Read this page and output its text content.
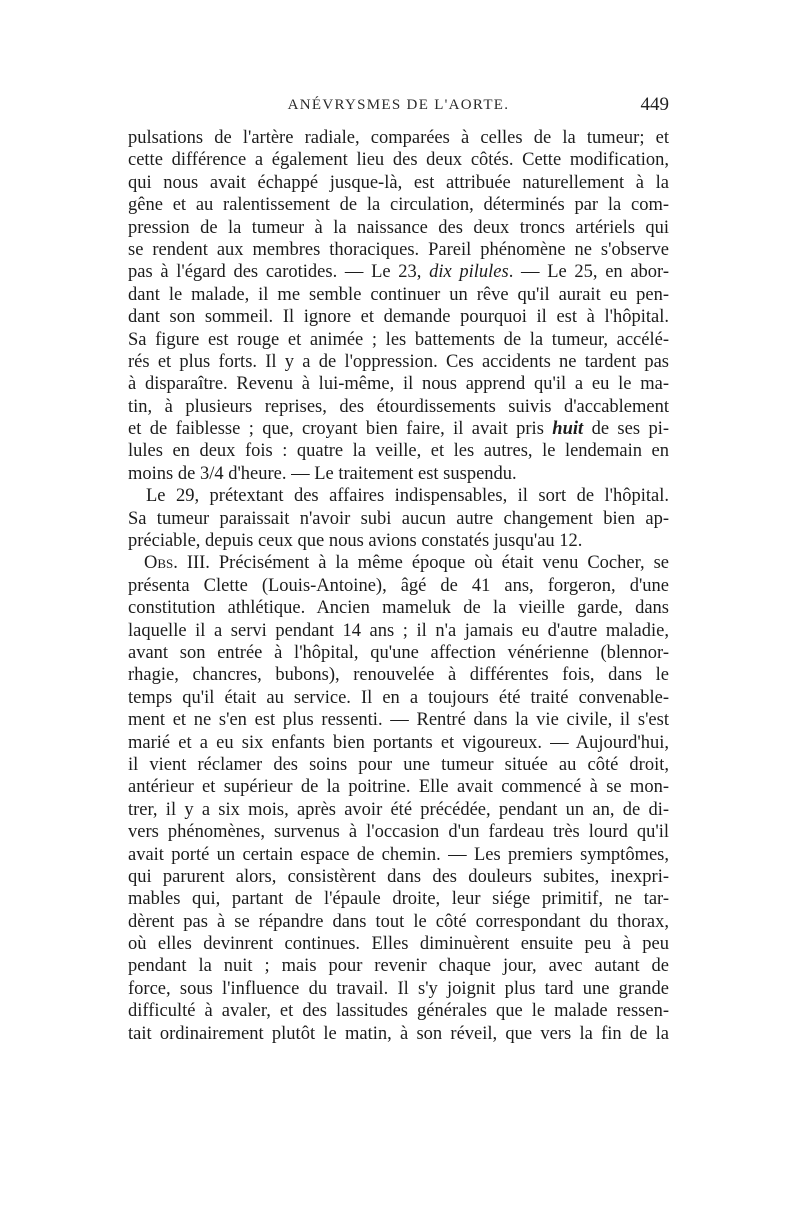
ANÉVRYSMES DE L'AORTE.	449
pulsations de l'artère radiale, comparées à celles de la tumeur; et
cette différence a également lieu des deux côtés. Cette modification,
qui nous avait échappé jusque-là, est attribuée naturellement à la
gêne et au ralentissement de la circulation, déterminés par la com-
pression de la tumeur à la naissance des deux troncs artériels qui
se rendent aux membres thoraciques. Pareil phénomène ne s'observe
pas à l'égard des carotides. — Le 23, dix pilules. — Le 25, en abor-
dant le malade, il me semble continuer un rêve qu'il aurait eu pen-
dant son sommeil. Il ignore et demande pourquoi il est à l'hôpital.
Sa figure est rouge et animée ; les battements de la tumeur, accélé-
rés et plus forts. Il y a de l'oppression. Ces accidents ne tardent pas
à disparaître. Revenu à lui-même, il nous apprend qu'il a eu le ma-
tin, à plusieurs reprises, des étourdissements suivis d'accablement
et de faiblesse ; que, croyant bien faire, il avait pris huit de ses pi-
lules en deux fois : quatre la veille, et les autres, le lendemain en
moins de 3/4 d'heure. — Le traitement est suspendu.
Le 29, prétextant des affaires indispensables, il sort de l'hôpital.
Sa tumeur paraissait n'avoir subi aucun autre changement bien ap-
préciable, depuis ceux que nous avions constatés jusqu'au 12.
Obs. III. Précisément à la même époque où était venu Cocher, se
présenta Clette (Louis-Antoine), âgé de 41 ans, forgeron, d'une
constitution athlétique. Ancien mameluk de la vieille garde, dans
laquelle il a servi pendant 14 ans ; il n'a jamais eu d'autre maladie,
avant son entrée à l'hôpital, qu'une affection vénérienne (blennor-
rhagie, chancres, bubons), renouvelée à différentes fois, dans le
temps qu'il était au service. Il en a toujours été traité convenable-
ment et ne s'en est plus ressenti. — Rentré dans la vie civile, il s'est
marié et a eu six enfants bien portants et vigoureux. — Aujourd'hui,
il vient réclamer des soins pour une tumeur située au côté droit,
antérieur et supérieur de la poitrine. Elle avait commencé à se mon-
trer, il y a six mois, après avoir été précédée, pendant un an, de di-
vers phénomènes, survenus à l'occasion d'un fardeau très lourd qu'il
avait porté un certain espace de chemin. — Les premiers symptômes,
qui parurent alors, consistèrent dans des douleurs subites, inexpri-
mables qui, partant de l'épaule droite, leur siége primitif, ne tar-
dèrent pas à se répandre dans tout le côté correspondant du thorax,
où elles devinrent continues. Elles diminuèrent ensuite peu à peu
pendant la nuit ; mais pour revenir chaque jour, avec autant de
force, sous l'influence du travail. Il s'y joignit plus tard une grande
difficulté à avaler, et des lassitudes générales que le malade ressen-
tait ordinairement plutôt le matin, à son réveil, que vers la fin de la
